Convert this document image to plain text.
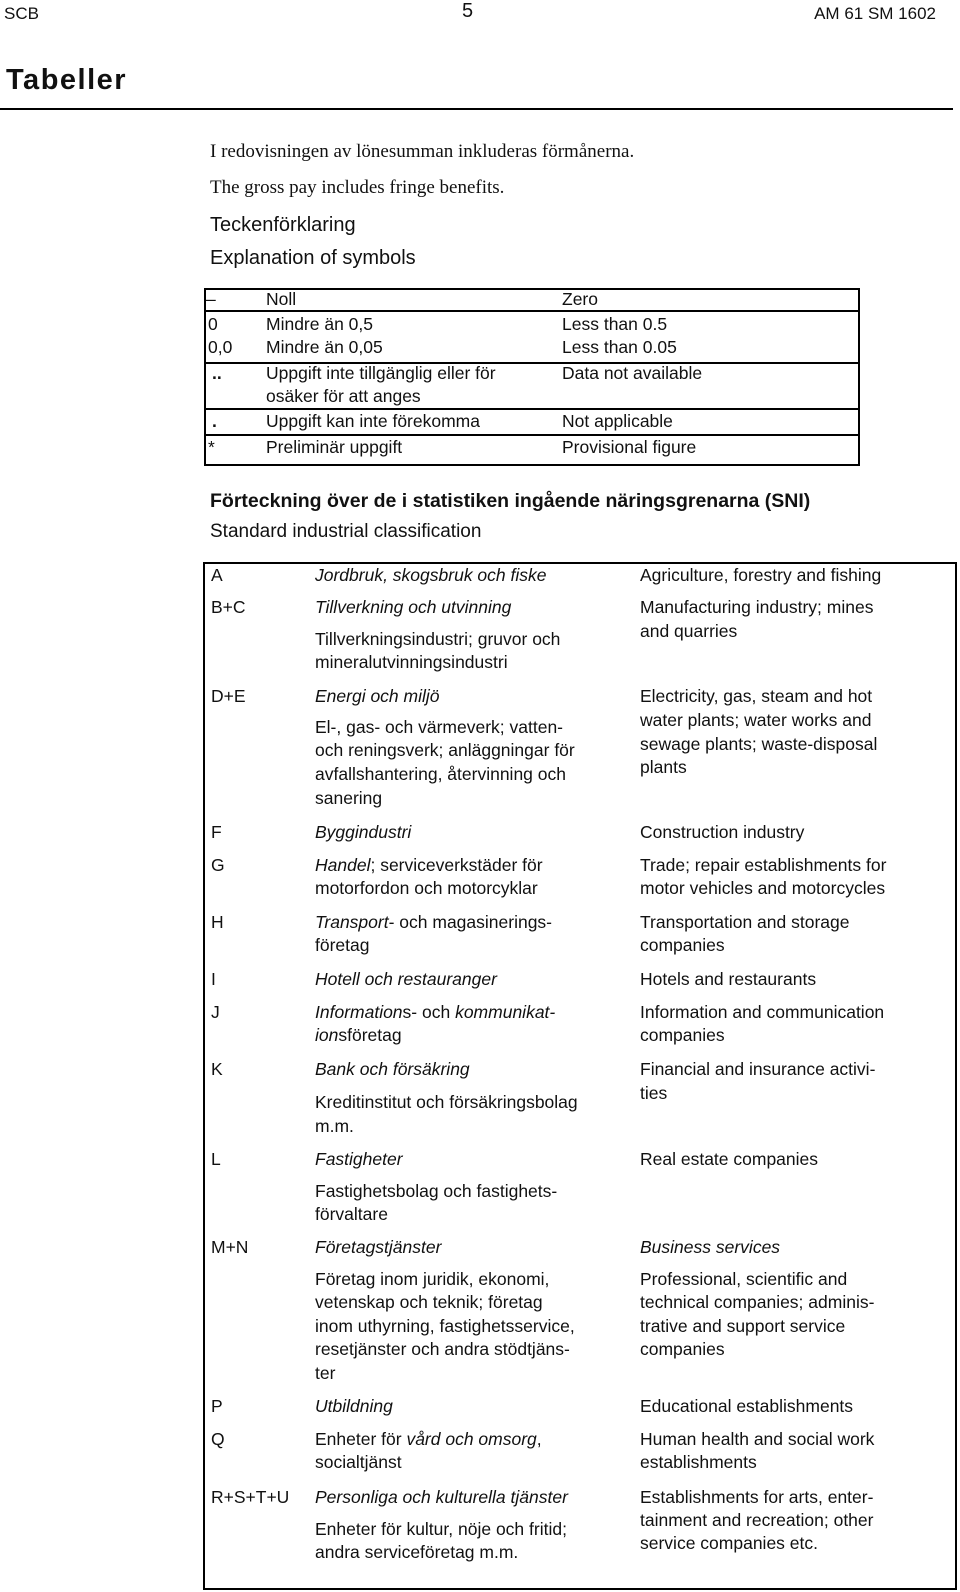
SCB	5	AM 61 SM 1602
Tabeller
I redovisningen av lönesumman inkluderas förmånerna.
The gross pay includes fringe benefits.
Teckenförklaring
Explanation of symbols
–	Noll	Zero
0	Mindre än 0,5	Less than 0.5
0,0 Mindre än 0,05	Less than 0.05
..	Uppgift inte tillgänglig eller för
osäker för att anges
Data not available
.	Uppgift kan inte förekomma	Not applicable
*	Preliminär uppgift	Provisional figure
Förteckning över de i statistiken ingående näringsgrenarna (SNI)
Standard industrial classification
A	Jordbruk, skogsbruk och fiske	Agriculture, forestry and fishing
B+C	Tillverkning och utvinning
Tillverkningsindustri; gruvor och
mineralutvinningsindustri
Manufacturing industry; mines
and quarries
D+E	Energi och miljö
El-, gas- och värmeverk; vatten-
och reningsverk; anläggningar för
avfallshantering, återvinning och
sanering
Electricity, gas, steam and hot
water plants; water works and
sewage plants; waste-disposal
plants
F	Byggindustri	Construction industry
G	Handel; serviceverkstäder för
motorfordon och motorcyklar
Trade; repair establishments for
motor vehicles and motorcycles
H	Transport- och magasinerings-
företag
Transportation and storage
companies
I	Hotell och restauranger	Hotels and restaurants
J	Informations- och kommunikat-
ionsföretag
Information and communication
companies
K	Bank och försäkring
Kreditinstitut och försäkringsbolag
m.m.
Financial and insurance activi-
ties
L	Fastigheter
Fastighetsbolag och fastighets-
förvaltare
Real estate companies
M+N	Företagstjänster
Företag inom juridik, ekonomi,
vetenskap och teknik; företag
inom uthyrning, fastighetsservice,
resetjänster och andra stödtjäns-
ter
Business services
Professional, scientific and
technical companies; adminis-
trative and support service
companies
P	Utbildning	Educational establishments
Q	Enheter för vård och omsorg,
socialtjänst
Human health and social work
establishments
R+S+T+U Personliga och kulturella tjänster
Enheter för kultur, nöje och fritid;
andra serviceföretag m.m.
Establishments for arts, enter-
tainment and recreation; other
service companies etc.
